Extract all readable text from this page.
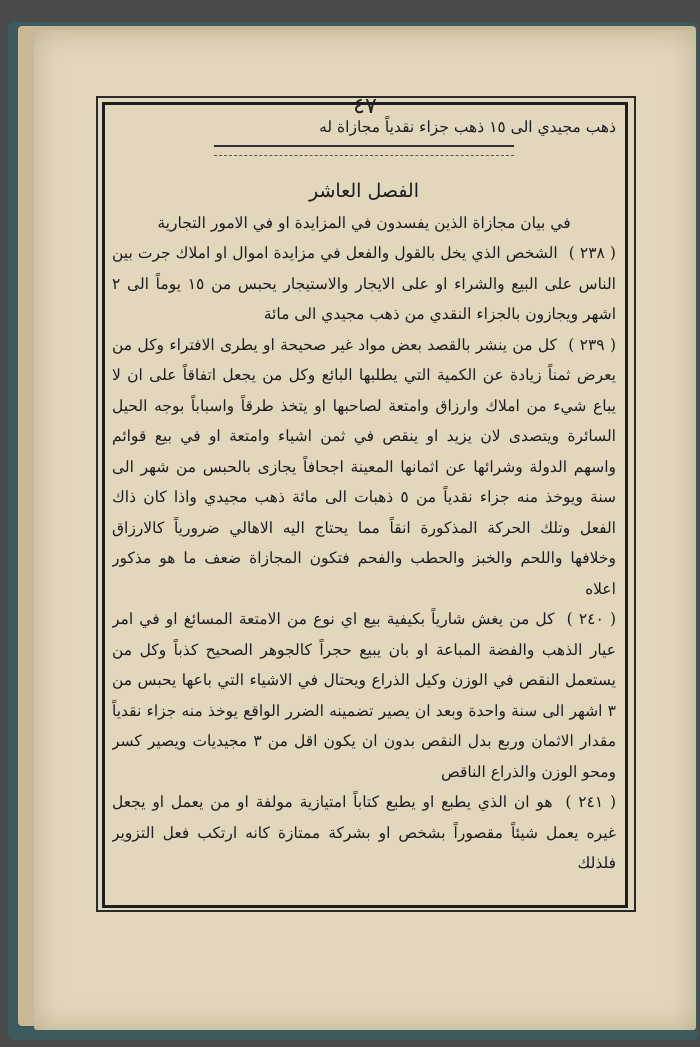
٤٧

ذهب مجيدي الى ١٥ ذهب جزاء نقدياً مجازاة له

الفصل العاشر

في بيان مجازاة الذين يفسدون في المزايدة او في الامور التجارية

( ٢٣٨ ) الشخص الذي يخل بالقول والفعل في مزايدة اموال او املاك جرت بين الناس على البيع والشراء او على الايجار والاستيجار يحبس من ١٥ يوماً الى ٢ اشهر ويجازون بالجزاء النقدي من ذهب مجيدي الى مائة

( ٢٣٩ ) كل من ينشر بالقصد بعض مواد غير صحيحة او يطرى الافتراء وكل من يعرض ثمناً زيادة عن الكمية التي يطلبها البائع وكل من يجعل اتفاقاً على ان لا يباع شيء من املاك وارزاق وامتعة لصاحبها او يتخذ طرقاً واسباباً بوجه الحيل السائرة ويتصدى لان يزيد او ينقص في ثمن اشياء وامتعة او في بيع قوائم واسهم الدولة وشرائها عن اثمانها المعينة اجحافاً يجازى بالحبس من شهر الى سنة ويوخذ منه جزاء نقدياً من ٥ ذهبات الى مائة ذهب مجيدي واذا كان ذاك الفعل وتلك الحركة المذكورة انقاً مما يحتاج اليه الاهالي ضرورياً كالارزاق وخلافها واللحم والخبز والحطب والفحم فتكون المجازاة ضعف ما هو مذكور اعلاه

( ٢٤٠ ) كل من يغش شارياً بكيفية بيع اي نوع من الامتعة المسائغ او في امر عيار الذهب والفضة المباعة او بان يبيع حجراً كالجوهر الصحيح كذباً وكل من يستعمل النقص في الوزن وكيل الذراع ويحتال في الاشياء التي باعها يحبس من ٣ اشهر الى سنة واحدة وبعد ان يصير تضمينه الضرر الواقع يوخذ منه جزاء نقدياً مقدار الاثمان وربع بدل النقص بدون ان يكون اقل من ٣ مجيديات ويصير كسر ومحو الوزن والذراع الناقص

( ٢٤١ ) هو ان الذي يطبع او يطبع كتاباً امتيازية مولفة او من يعمل او يجعل غيره يعمل شيئاً مقصوراً بشخص او بشركة ممتازة كانه ارتكب فعل التزوير فلذلك
